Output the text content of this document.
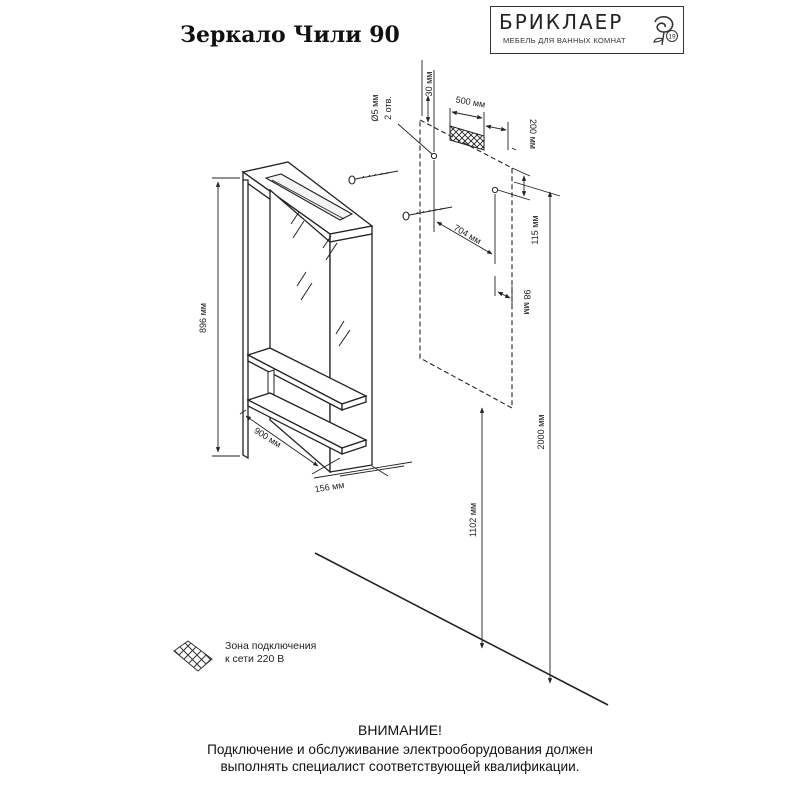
Зеркало Чили 90	БРИКЛАЕР
МЕБЕЛЬ ДЛЯ ВАННЫХ КОМНАТ	19
896 мм
900 мм
156 мм
Ø5 мм 2 отв.
30 мм
500 мм
200 мм
704 мм	115 мм
98 мм
2000 мм
1102 мм
Зона подключения
к сети 220 В
ВНИМАНИЕ!
Подключение и обслуживание электрооборудования должен
выполнять специалист соответствующей квалификации.
